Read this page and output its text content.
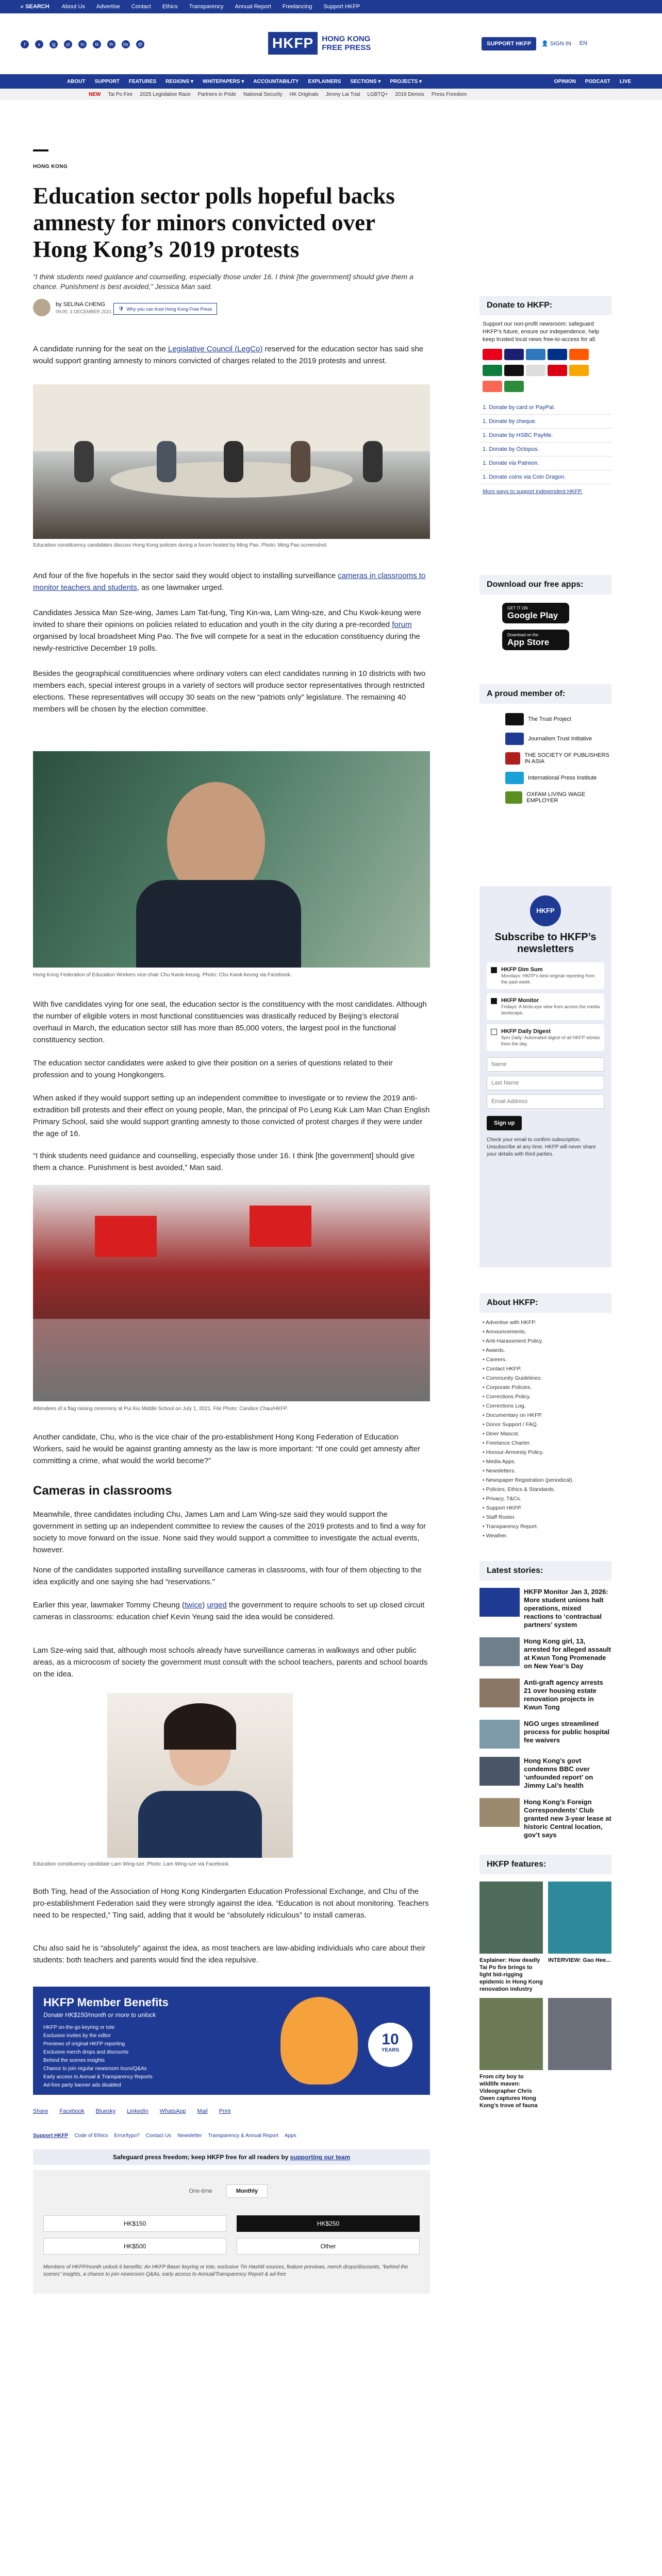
⌕ SEARCH About Us Advertise Contact Ethics Transparency Annual Report Freelancing Support HKFP
f	x	ig	yt	in	tk	th	bs	@	HKFP	HONG KONG
FREE PRESS	SUPPORT HKFP	👤 SIGN IN EN
ABOUT SUPPORT FEATURES REGIONS ▾ WHITEPAPERS ▾ ACCOUNTABILITY EXPLAINERS SECTIONS ▾ PROJECTS ▾	OPINION PODCAST LIVE
NEW Tai Po Fire 2025 Legislative Race Partners in Pride National Security HK Originals Jimmy Lai Trial LGBTQ+ 2019 Demos Press Freedom
HONG KONG
Education sector polls hopeful backs amnesty for minors convicted over Hong Kong’s 2019 protests
“I think students need guidance and counselling, especially those under 16. I think [the government] should give them a chance. Punishment is best avoided,” Jessica Man said.
by SELINA CHENG
09:00, 3 DECEMBER 2021
🛡 Why you can trust Hong Kong Free Press

A candidate running for the seat on the Legislative Council (LegCo) reserved for the education sector has said she would support granting amnesty to minors convicted of charges related to the 2019 protests and unrest.

Education constituency candidates discuss Hong Kong policies during a forum hosted by Ming Pao. Photo: Ming Pao screenshot.

And four of the five hopefuls in the sector said they would object to installing surveillance cameras in classrooms to monitor teachers and students, as one lawmaker urged.

Candidates Jessica Man Sze-wing, James Lam Tat-fung, Ting Kin-wa, Lam Wing-sze, and Chu Kwok-keung were invited to share their opinions on policies related to education and youth in the city during a pre-recorded forum organised by local broadsheet Ming Pao. The five will compete for a seat in the education constituency during the newly-restrictive December 19 polls.

Besides the geographical constituencies where ordinary voters can elect candidates running in 10 districts with two members each, special interest groups in a variety of sectors will produce sector representatives through restricted elections. These representatives will occupy 30 seats on the new “patriots only” legislature. The remaining 40 members will be chosen by the election committee.

Hong Kong Federation of Education Workers vice-chair Chu Kwok-keung. Photo: Chu Kwok-keung via Facebook.

With five candidates vying for one seat, the education sector is the constituency with the most candidates. Although the number of eligible voters in most functional constituencies was drastically reduced by Beijing’s electoral overhaul in March, the education sector still has more than 85,000 voters, the largest pool in the functional constituency section.

The education sector candidates were asked to give their position on a series of questions related to their profession and to young Hongkongers.

When asked if they would support setting up an independent committee to investigate or to review the 2019 anti-extradition bill protests and their effect on young people, Man, the principal of Po Leung Kuk Lam Man Chan English Primary School, said she would support granting amnesty to those convicted of protest charges if they were under the age of 16.

“I think students need guidance and counselling, especially those under 16. I think [the government] should give them a chance. Punishment is best avoided,” Man said.

Attendees of a flag raising ceremony at Pui Kiu Middle School on July 1, 2021. File Photo: Candice Chau/HKFP.

Another candidate, Chu, who is the vice chair of the pro-establishment Hong Kong Federation of Education Workers, said he would be against granting amnesty as the law is more important: “If one could get amnesty after committing a crime, what would the world become?”

Cameras in classrooms

Meanwhile, three candidates including Chu, James Lam and Lam Wing-sze said they would support the government in setting up an independent committee to review the causes of the 2019 protests and to find a way for society to move forward on the issue. None said they would support a committee to investigate the actual events, however.

None of the candidates supported installing surveillance cameras in classrooms, with four of them objecting to the idea explicitly and one saying she had “reservations.”

Earlier this year, lawmaker Tommy Cheung (twice) urged the government to require schools to set up closed circuit cameras in classrooms: education chief Kevin Yeung said the idea would be considered.

Lam Sze-wing said that, although most schools already have surveillance cameras in walkways and other public areas, as a microcosm of society the government must consult with the school teachers, parents and school boards on the idea.

Education constituency candidate Lam Wing-sze. Photo: Lam Wing-sze via Facebook.

Both Ting, head of the Association of Hong Kong Kindergarten Education Professional Exchange, and Chu of the pro-establishment Federation said they were strongly against the idea. “Education is not about monitoring. Teachers need to be respected,” Ting said, adding that it would be “absolutely ridiculous” to install cameras.

Chu also said he is “absolutely” against the idea, as most teachers are law-abiding individuals who care about their students: both teachers and parents would find the idea repulsive.

HKFP Member Benefits
Donate HK$150/month or more to unlock
HKFP on-the-go keyring or tote
Exclusive invites by the editor
Previews of original HKFP reporting
Exclusive merch drops and discounts
Behind the scenes insights
Chance to join regular newsroom tours/Q&As
Early access to Annual & Transparency Reports
Ad-free party banner ads disabled
10
YEARS
Share Facebook Bluesky LinkedIn WhatsApp Mail Print
Support HKFP Code of Ethics Error/typo? Contact Us Newsletter Transparency & Annual Report Apps
Safeguard press freedom; keep HKFP free for all readers by supporting our team
One-time	Monthly
HK$150	HK$250
HK$500	Other
Members of HKFP/month unlock 6 benefits: An HKFP Baser keyring or tote, exclusive Tin Hashtli sources, feature previews, merch drops/discounts, “behind the scenes” insights, a chance to join newsroom Q&As, early access to Annual/Transparency Report & ad-free
Donate to HKFP:
Support our non-profit newsroom: safeguard HKFP’s future, ensure our independence, help keep trusted local news free-to-access for all.
1. Donate by card or PayPal.
1. Donate by cheque.
1. Donate by HSBC PayMe.
1. Donate by Octopus.
1. Donate via Patreon.
1. Donate coins via Coin Dragon.
More ways to support independent HKFP.
Download our free apps:
GET IT ON
Google Play
Download on the
App Store
A proud member of:
The Trust Project
Journalism Trust Initiative
THE SOCIETY OF PUBLISHERS IN ASIA
International Press Institute
OXFAM LIVING WAGE EMPLOYER
HKFP
Subscribe to HKFP’s newsletters
HKFP Dim Sum
Mondays: HKFP’s best original reporting from the past week.
HKFP Monitor
Fridays: A birds-eye view from across the media landscape.
HKFP Daily Digest
9pm Daily: Automated digest of all HKFP stories from the day.
Name
Last Name
Email Address
Sign up
Check your email to confirm subscription. Unsubscribe at any time. HKFP will never share your details with third parties.
About HKFP:
• Advertise with HKFP.
• Announcements.
• Anti-Harassment Policy.
• Awards.
• Careers.
• Contact HKFP.
• Community Guidelines.
• Corporate Policies.
• Corrections Policy.
• Corrections Log.
• Documentary on HKFP.
• Donor Support / FAQ.
• Diner Mascot.
• Freelance Charter.
• Honour-Amnesty Policy.
• Media Apps.
• Newsletters.
• Newspaper Registration (periodical).
• Policies, Ethics & Standards.
• Privacy, T&Cs.
• Support HKFP.
• Staff Roster.
• Transparency Report.
• Weather.
Latest stories:
HKFP Monitor Jan 3, 2026: More student unions halt operations, mixed reactions to ‘contractual partners’ system
Hong Kong girl, 13, arrested for alleged assault at Kwun Tong Promenade on New Year’s Day
Anti-graft agency arrests 21 over housing estate renovation projects in Kwun Tong
NGO urges streamlined process for public hospital fee waivers
Hong Kong’s govt condemns BBC over ‘unfounded report’ on Jimmy Lai’s health
Hong Kong’s Foreign Correspondents’ Club granted new 3-year lease at historic Central location, gov’t says
HKFP features:
Explainer: How deadly Tai Po fire brings to light bid-rigging epidemic in Hong Kong renovation industry
INTERVIEW: Gao Hee...
From city boy to wildlife maven: Videographer Chris Owen captures Hong Kong’s trove of fauna
